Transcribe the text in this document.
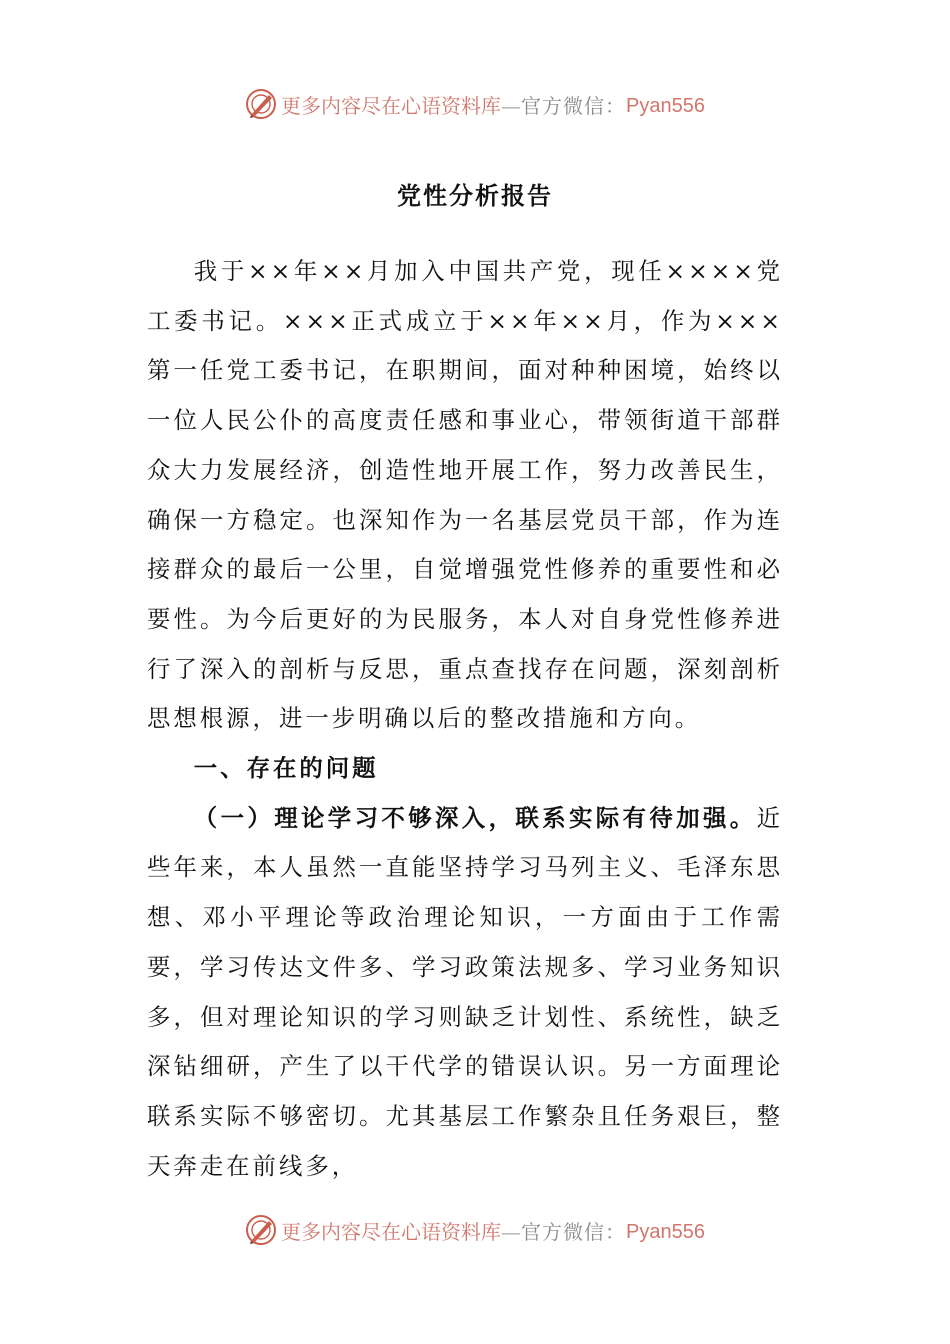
更多内容尽在心语资料库—官方微信：Pyan556
党性分析报告

我于××年××月加入中国共产党，现任××××党工委书记。×××正式成立于××年××月，作为×××第一任党工委书记，在职期间，面对种种困境，始终以一位人民公仆的高度责任感和事业心，带领街道干部群众大力发展经济，创造性地开展工作，努力改善民生，确保一方稳定。也深知作为一名基层党员干部，作为连接群众的最后一公里，自觉增强党性修养的重要性和必要性。为今后更好的为民服务，本人对自身党性修养进行了深入的剖析与反思，重点查找存在问题，深刻剖析思想根源，进一步明确以后的整改措施和方向。

一、存在的问题

（一）理论学习不够深入，联系实际有待加强。近些年来，本人虽然一直能坚持学习马列主义、毛泽东思想、邓小平理论等政治理论知识，一方面由于工作需要，学习传达文件多、学习政策法规多、学习业务知识多，但对理论知识的学习则缺乏计划性、系统性，缺乏深钻细研，产生了以干代学的错误认识。另一方面理论联系实际不够密切。尤其基层工作繁杂且任务艰巨，整天奔走在前线多，

更多内容尽在心语资料库—官方微信：Pyan556
